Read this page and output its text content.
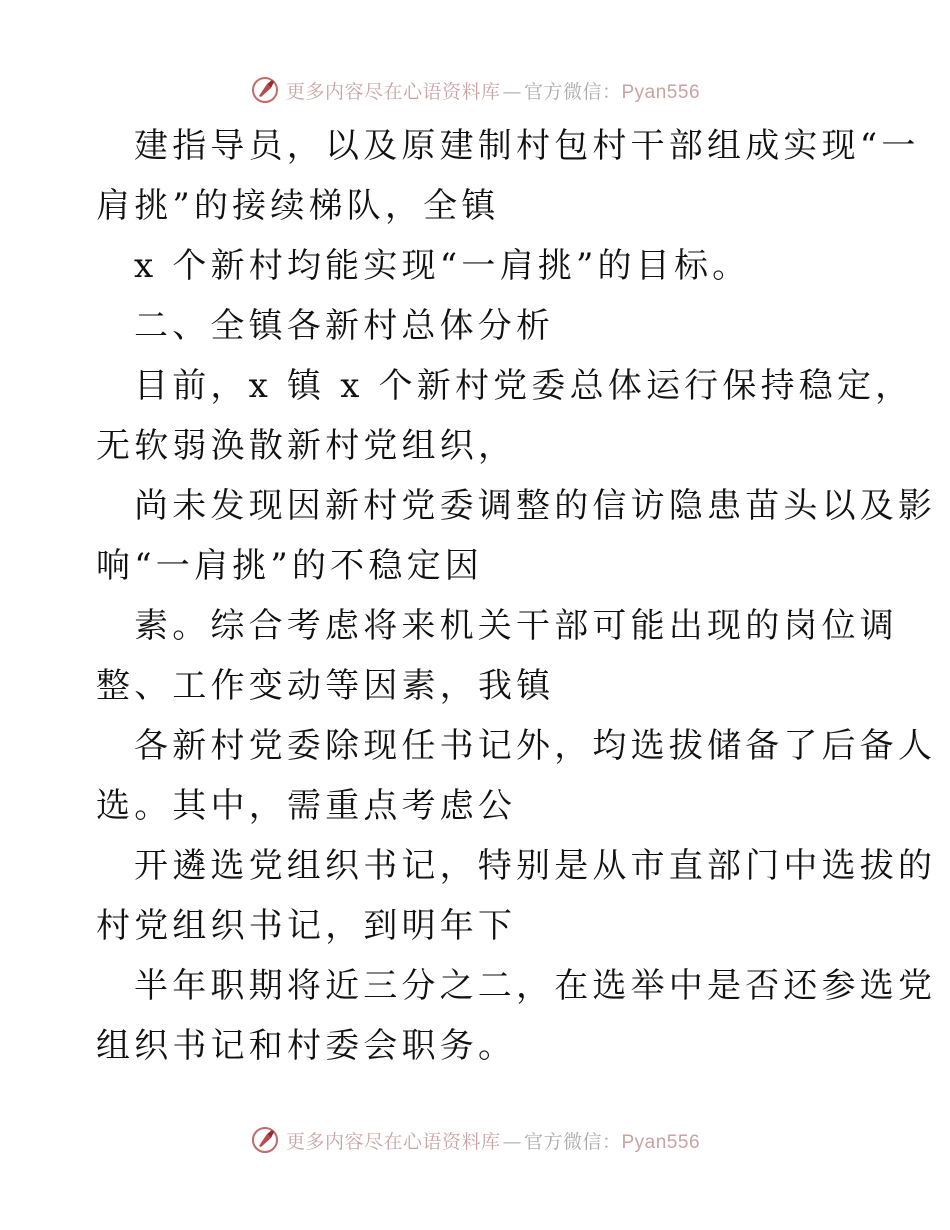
更多内容尽在心语资料库 — 官方微信：Pyan556
建指导员，以及原建制村包村干部组成实现“一
肩挑”的接续梯队，全镇
x 个新村均能实现“一肩挑”的目标。
二、全镇各新村总体分析
目前，x 镇 x 个新村党委总体运行保持稳定，
无软弱涣散新村党组织，
尚未发现因新村党委调整的信访隐患苗头以及影
响“一肩挑”的不稳定因
素。综合考虑将来机关干部可能出现的岗位调
整、工作变动等因素，我镇
各新村党委除现任书记外，均选拔储备了后备人
选。其中，需重点考虑公
开遴选党组织书记，特别是从市直部门中选拔的
村党组织书记，到明年下
半年职期将近三分之二，在选举中是否还参选党
组织书记和村委会职务。
更多内容尽在心语资料库 — 官方微信：Pyan556
